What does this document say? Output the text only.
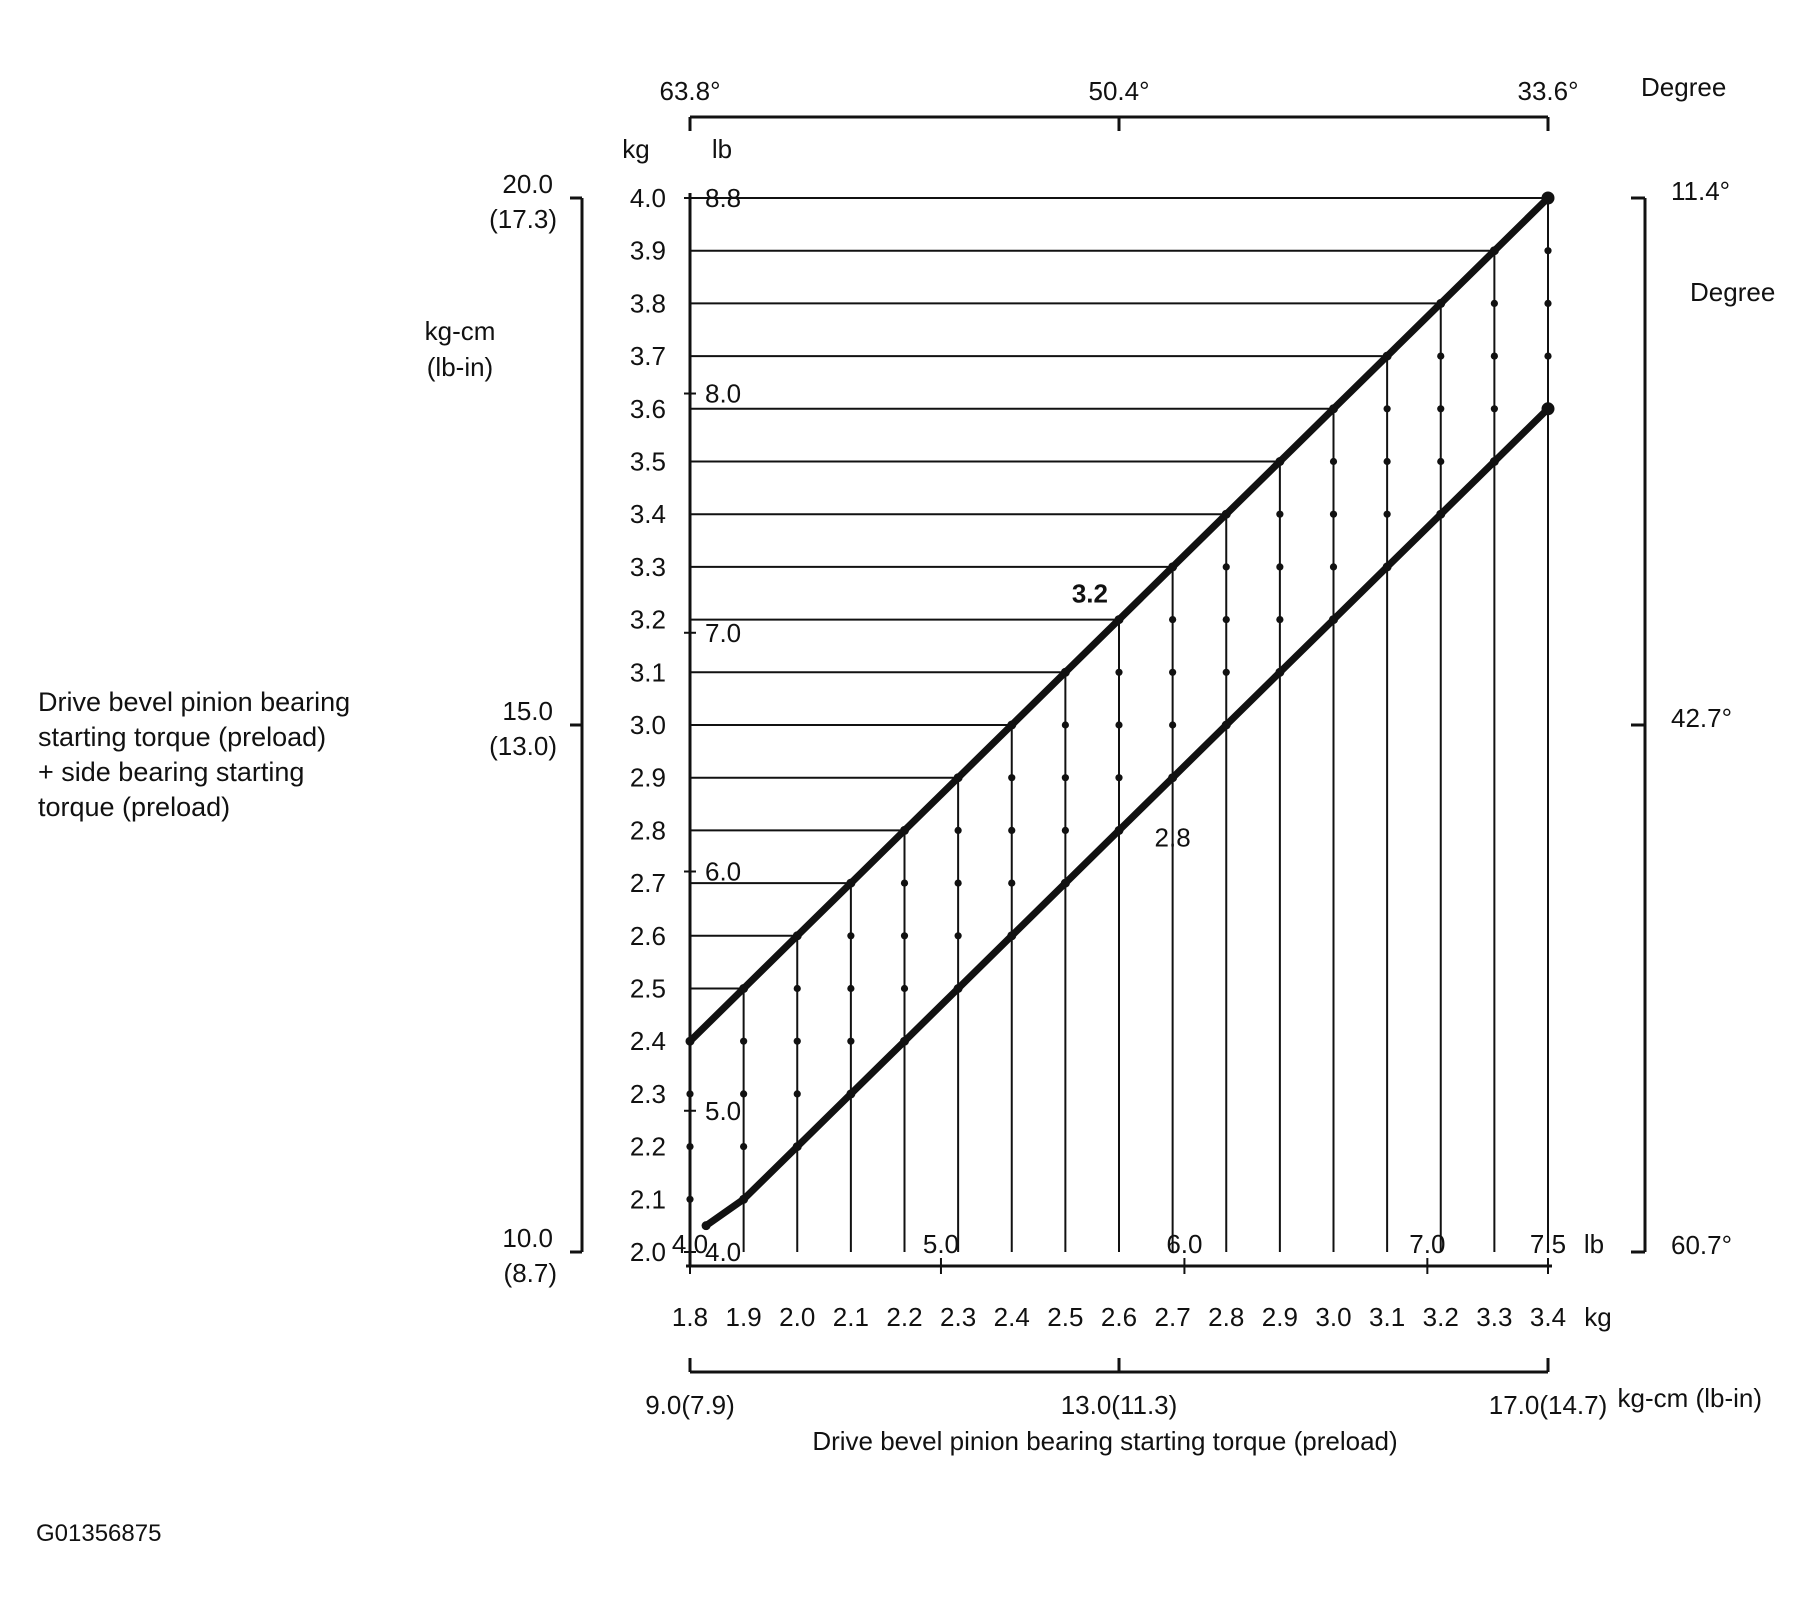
3.2
2.8
2.0
2.1
2.2
2.3
2.4
2.5
2.6
2.7
2.8
2.9
3.0
3.1
3.2
3.3
3.4
3.5
3.6
3.7
3.8
3.9
4.0
kg lb
8.8
8.0
7.0
6.0
5.0
4.0
1.8 1.9 2.0 2.1 2.2 2.3 2.4 2.5 2.6 2.7 2.8 2.9 3.0 3.1 3.2 3.3 3.4 kg
4.0	5.0	6.0	7.0	7.5 lb
9.0(7.9)	13.0(11.3)	17.0(14.7) kg-cm (lb-in)
Drive bevel pinion bearing starting torque (preload)
63.8°	50.4°	33.6° Degree
20.0
(17.3)
15.0
(13.0)
10.0
(8.7)
kg-cm
(lb-in)
11.4°
42.7°
60.7°
Degree
Drive bevel pinion bearing starting torque (preload) + side bearing starting torque (preload)
G01356875
